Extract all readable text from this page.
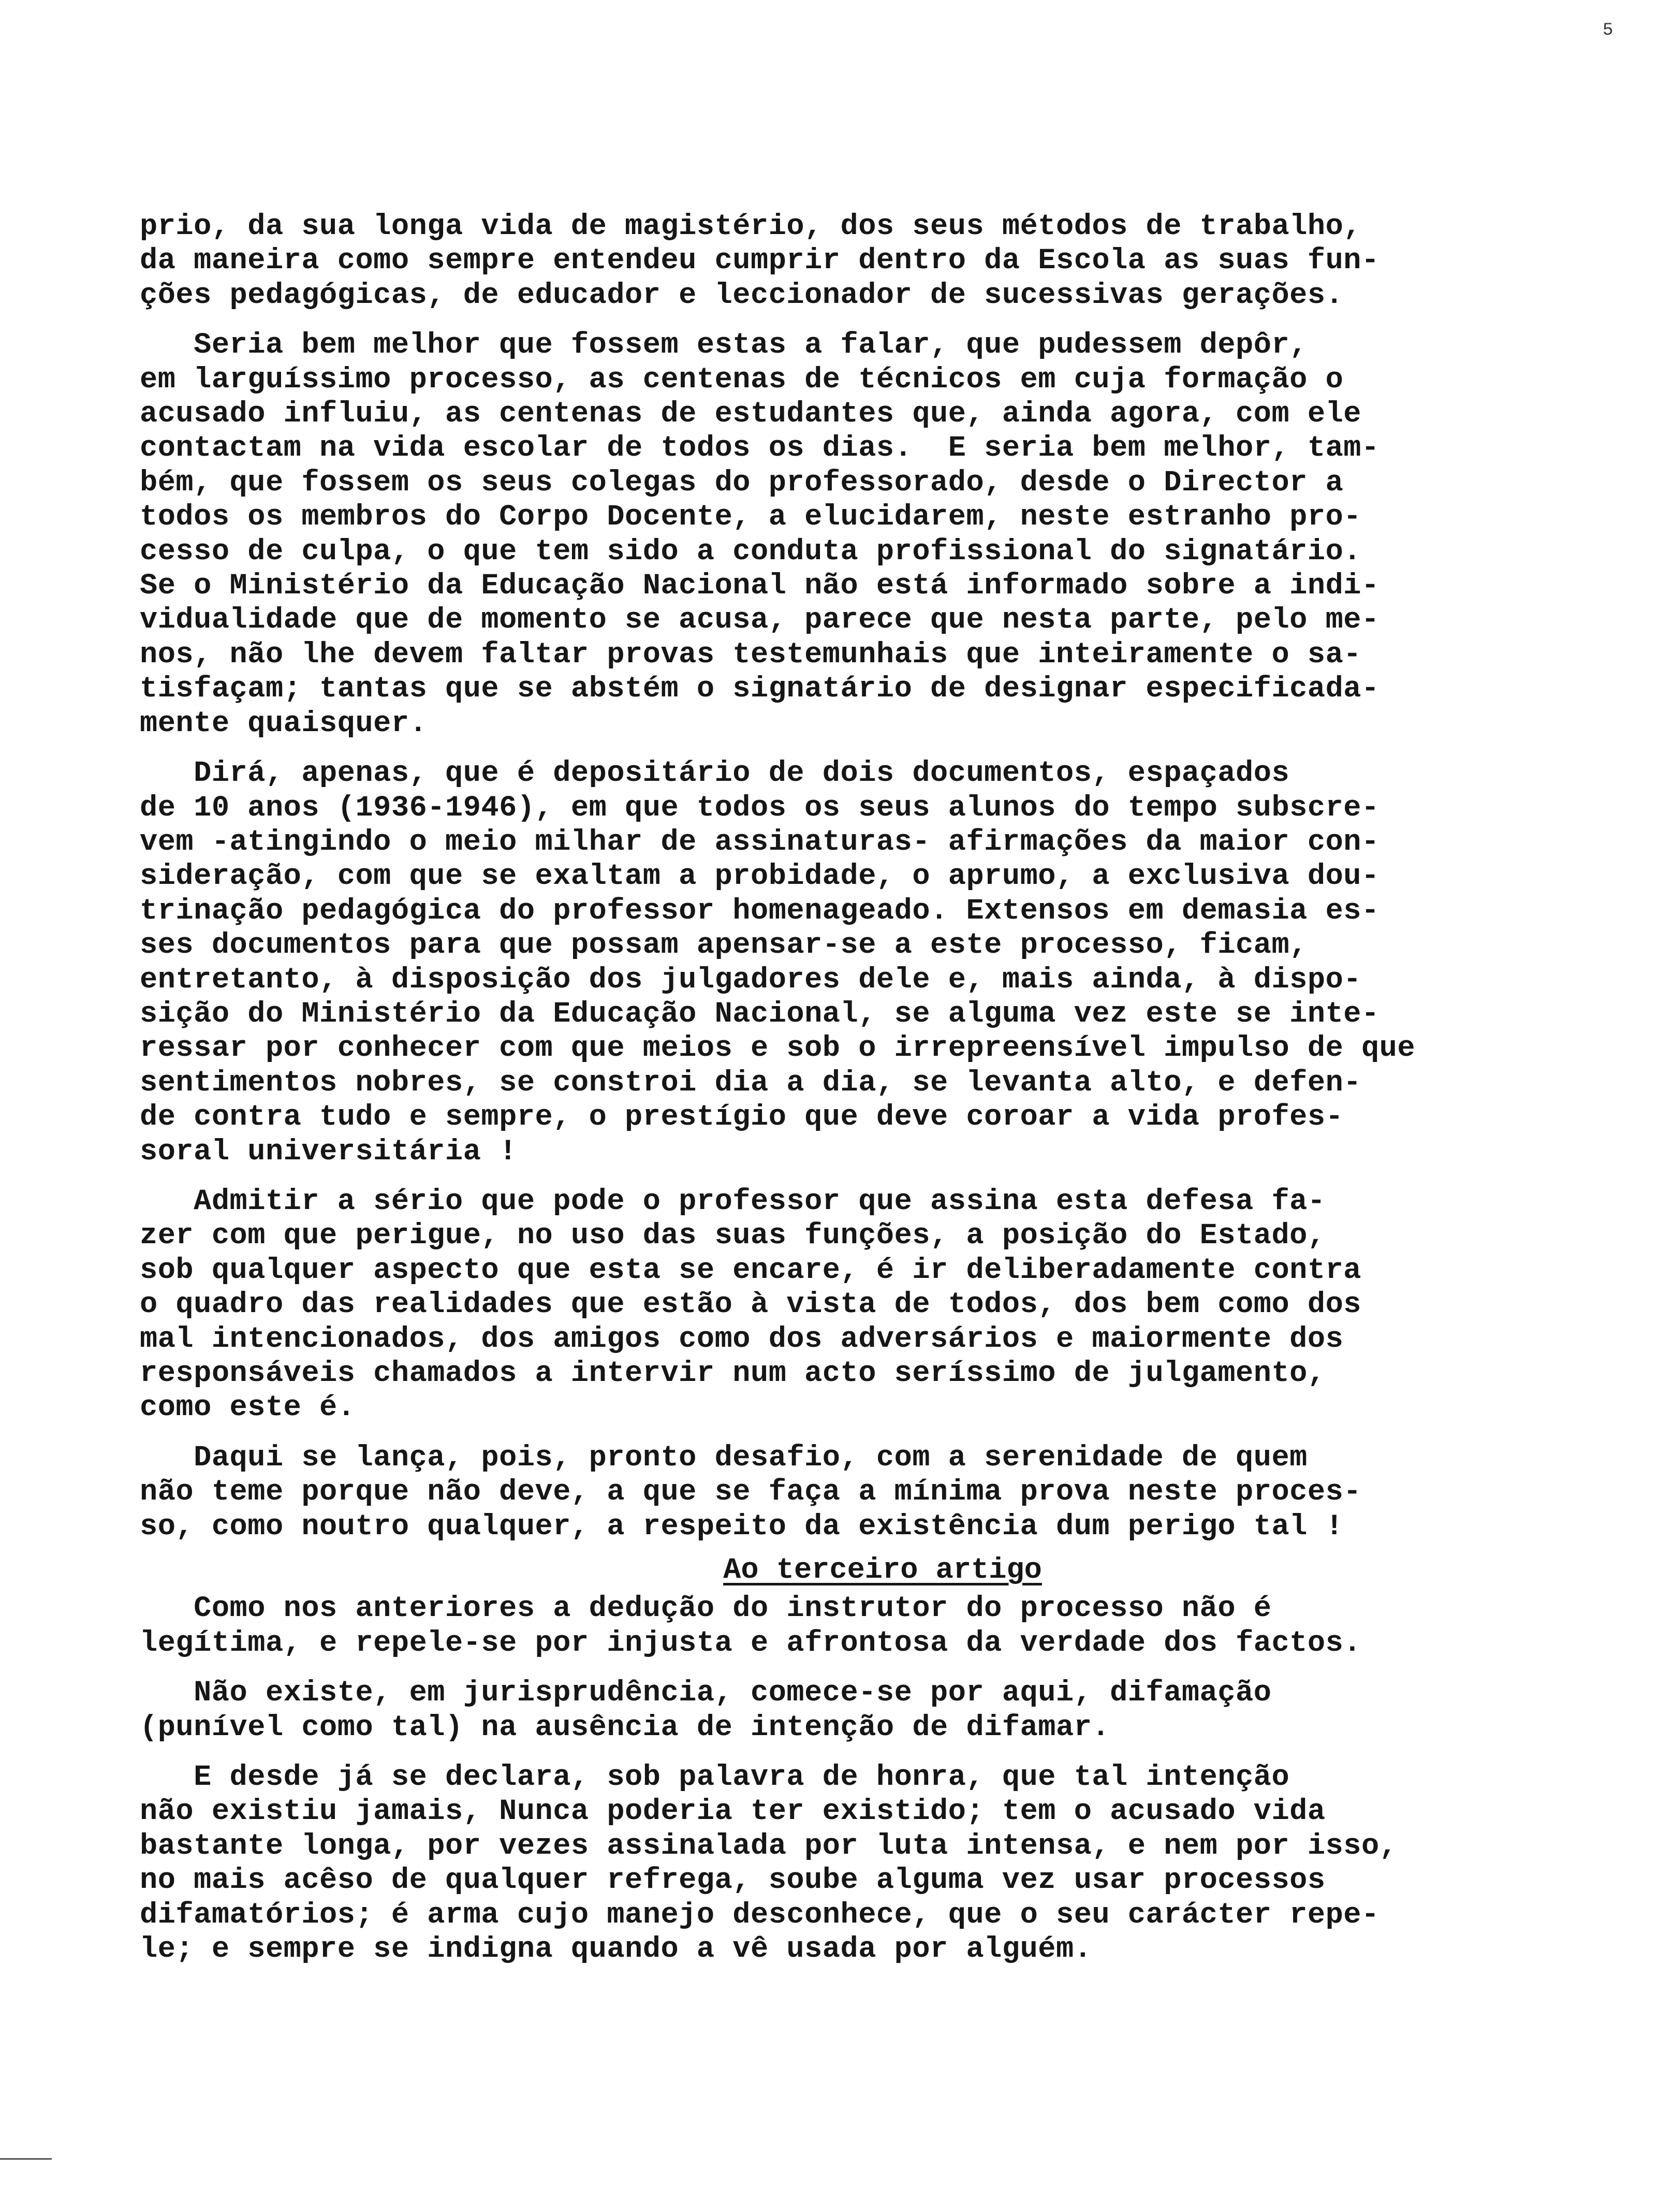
5
prio, da sua longa vida de magistério, dos seus métodos de trabalho,
da maneira como sempre entendeu cumprir dentro da Escola as suas fun-
ções pedagógicas, de educador e leccionador de sucessivas gerações.
Seria bem melhor que fossem estas a falar, que pudessem depôr,
em larguíssimo processo, as centenas de técnicos em cuja formação o
acusado influiu, as centenas de estudantes que, ainda agora, com ele
contactam na vida escolar de todos os dias.  E seria bem melhor, tam-
bém, que fossem os seus colegas do professorado, desde o Director a
todos os membros do Corpo Docente, a elucidarem, neste estranho pro-
cesso de culpa, o que tem sido a conduta profissional do signatário.
Se o Ministério da Educação Nacional não está informado sobre a indi-
vidualidade que de momento se acusa, parece que nesta parte, pelo me-
nos, não lhe devem faltar provas testemunhais que inteiramente o sa-
tisfaçam; tantas que se abstém o signatário de designar especificada-
mente quaisquer.
Dirá, apenas, que é depositário de dois documentos, espaçados
de 10 anos (1936-1946), em que todos os seus alunos do tempo subscre-
vem -atingindo o meio milhar de assinaturas- afirmações da maior con-
sideração, com que se exaltam a probidade, o aprumo, a exclusiva dou-
trinação pedagógica do professor homenageado. Extensos em demasia es-
ses documentos para que possam apensar-se a este processo, ficam,
entretanto, à disposição dos julgadores dele e, mais ainda, à dispo-
sição do Ministério da Educação Nacional, se alguma vez este se inte-
ressar por conhecer com que meios e sob o irrepreensível impulso de que
sentimentos nobres, se constroi dia a dia, se levanta alto, e defen-
de contra tudo e sempre, o prestígio que deve coroar a vida profes-
soral universitária !
Admitir a sério que pode o professor que assina esta defesa fa-
zer com que perigue, no uso das suas funções, a posição do Estado,
sob qualquer aspecto que esta se encare, é ir deliberadamente contra
o quadro das realidades que estão à vista de todos, dos bem como dos
mal intencionados, dos amigos como dos adversários e maiormente dos
responsáveis chamados a intervir num acto seríssimo de julgamento,
como este é.
Daqui se lança, pois, pronto desafio, com a serenidade de quem
não teme porque não deve, a que se faça a mínima prova neste proces-
so, como noutro qualquer, a respeito da existência dum perigo tal !
Ao terceiro artigo
Como nos anteriores a dedução do instrutor do processo não é
legítima, e repele-se por injusta e afrontosa da verdade dos factos.
Não existe, em jurisprudência, comece-se por aqui, difamação
(punível como tal) na ausência de intenção de difamar.
E desde já se declara, sob palavra de honra, que tal intenção
não existiu jamais, Nunca poderia ter existido; tem o acusado vida
bastante longa, por vezes assinalada por luta intensa, e nem por isso,
no mais acêso de qualquer refrega, soube alguma vez usar processos
difamatórios; é arma cujo manejo desconhece, que o seu carácter repe-
le; e sempre se indigna quando a vê usada por alguém.
